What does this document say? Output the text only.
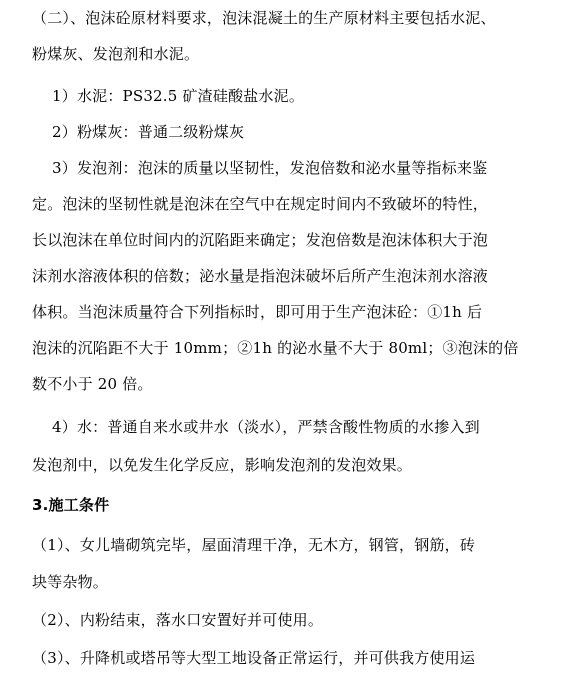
（二）、泡沫砼原材料要求，泡沫混凝土的生产原材料主要包括水泥、
粉煤灰、发泡剂和水泥。
1）水泥：PS32.5 矿渣硅酸盐水泥。
2）粉煤灰：普通二级粉煤灰
3）发泡剂：泡沫的质量以坚韧性，发泡倍数和泌水量等指标来鉴
定。泡沫的坚韧性就是泡沫在空气中在规定时间内不致破坏的特性，
长以泡沫在单位时间内的沉陷距来确定；发泡倍数是泡沫体积大于泡
沫剂水溶液体积的倍数；泌水量是指泡沫破坏后所产生泡沫剂水溶液
体积。当泡沫质量符合下列指标时，即可用于生产泡沫砼：①1h 后
泡沫的沉陷距不大于 10mm；②1h 的泌水量不大于 80ml；③泡沫的倍
数不小于 20 倍。
4）水：普通自来水或井水（淡水），严禁含酸性物质的水掺入到
发泡剂中，以免发生化学反应，影响发泡剂的发泡效果。
3.施工条件
（1）、女儿墙砌筑完毕，屋面清理干净，无木方，钢管，钢筋，砖
块等杂物。
（2）、内粉结束，落水口安置好并可使用。
（3）、升降机或塔吊等大型工地设备正常运行，并可供我方使用运
